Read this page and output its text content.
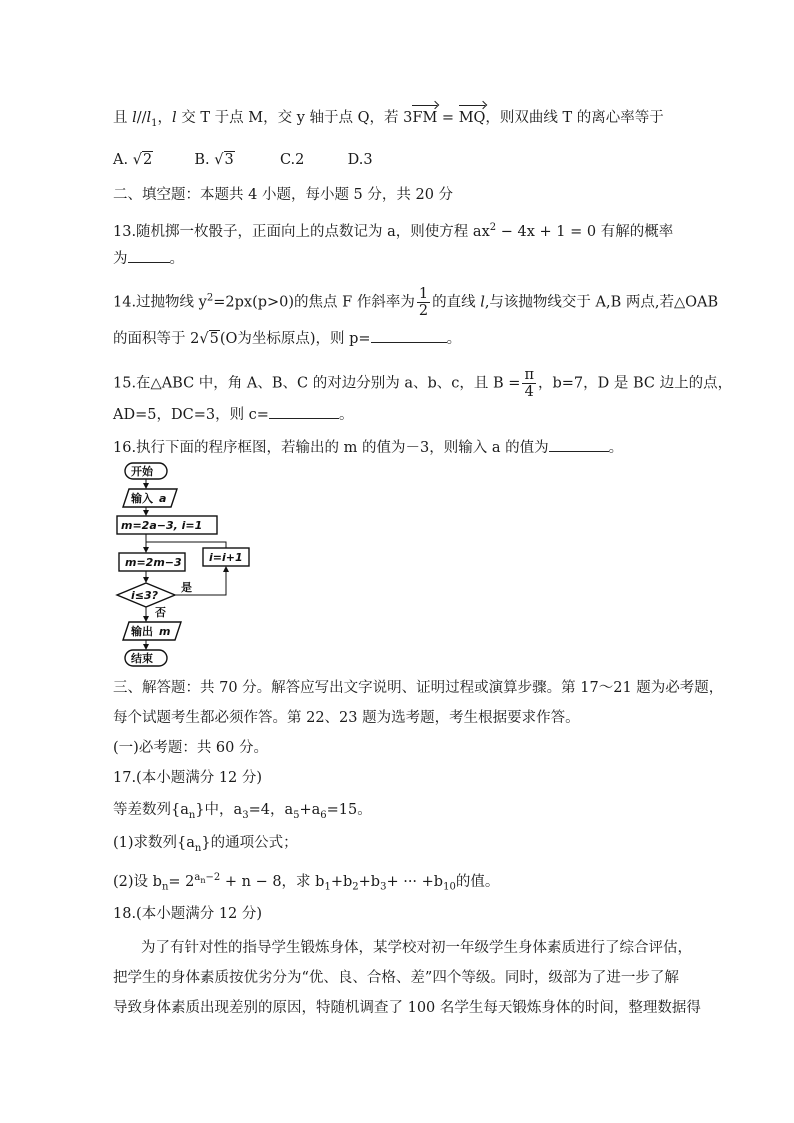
且 $l//l_1$，l 交 T 于点 M，交 y 轴于点 Q，若 3FM = MQ，则双曲线 T 的离心率等于
A. √2	B. √3	C.2	D.3
二、填空题：本题共 4 小题，每小题 5 分，共 20 分
13.随机掷一枚骰子，正面向上的点数记为 a，则使方程 $ax^2 - 4x + 1 = 0$ 有解的概率
为	。
14.过抛物线 $y^2=2px(p>0)$的焦点 F 作斜率为 $\frac{1}{2}$ 的直线 l,与该抛物线交于 A,B 两点,若△OAB
的面积等于 2√5(O为坐标原点)，则 p=	。
15.在△ABC 中，角 A、B、C 的对边分别为 a、b、c，且 $B = \frac{\pi}{4}$ ，b=7，D 是 BC 边上的点，
AD=5，DC=3，则 c=	。
16.执行下面的程序框图，若输出的 m 的值为－3，则输入 a 的值为	。
开始
输入 a
m=2a−3, i=1
m=2m−3 i=i+1
i≤3?
是
否
输出 m
结束
三、解答题：共 70 分。解答应写出文字说明、证明过程或演算步骤。第 17～21 题为必考题，
每个试题考生都必须作答。第 22、23 题为选考题，考生根据要求作答。
(一)必考题：共 60 分。
17.(本小题满分 12 分)
等差数列$\{a_n\}$中，$a_3=4$，$a_5+a_6=15$。
(1)求数列$\{a_n\}$的通项公式；
(2)设 $b_n= 2^{a_n-2} + n - 8$，求 $b_1+b_2+b_3+$ ··· $+b_{10}$的值。
18.(本小题满分 12 分)
为了有针对性的指导学生锻炼身体，某学校对初一年级学生身体素质进行了综合评估，
把学生的身体素质按优劣分为“优、良、合格、差”四个等级。同时，级部为了进一步了解
导致身体素质出现差别的原因，特随机调查了 100 名学生每天锻炼身体的时间，整理数据得
